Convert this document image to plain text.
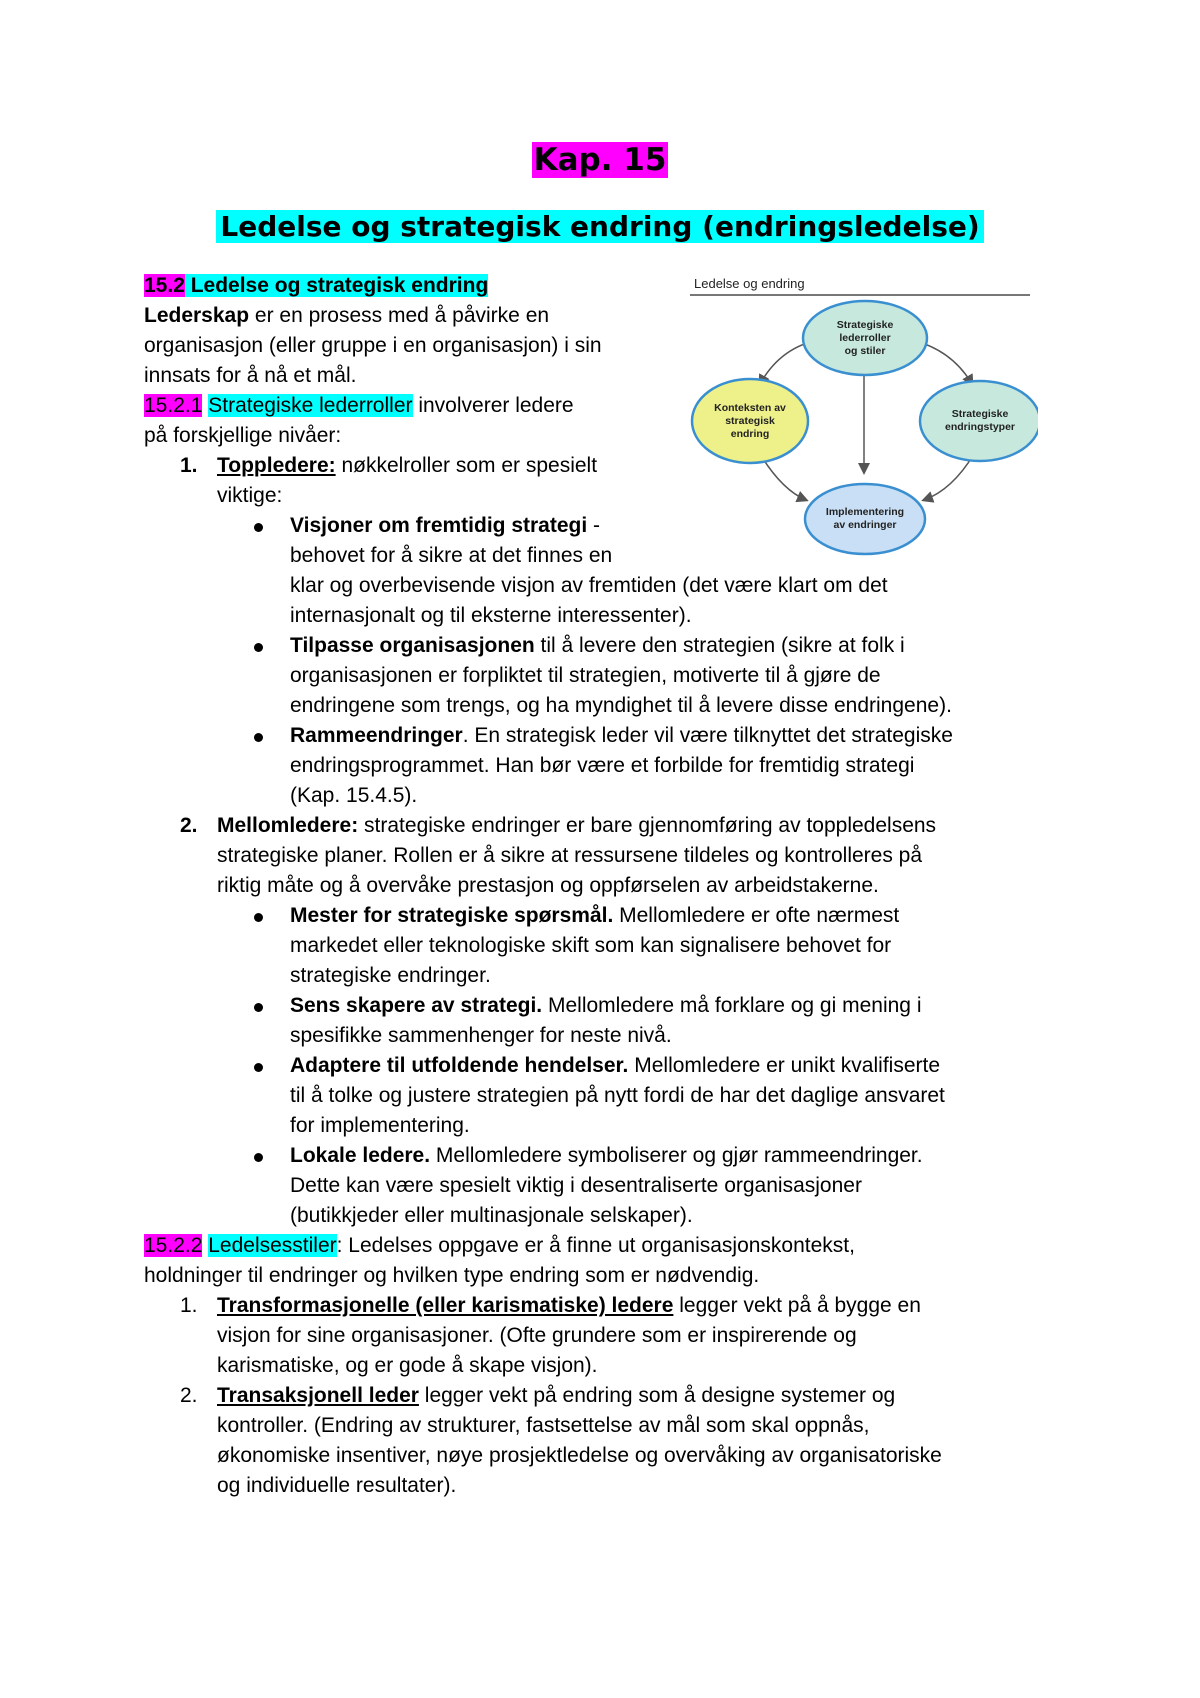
Kap. 15
Ledelse og strategisk endring (endringsledelse)
Ledelse og endring
Strategiske
lederroller
og stiler
Konteksten av
strategisk
endring
Strategiske
endringstyper
Implementering
av endringer

15.2 Ledelse og strategisk endring

Lederskap er en prosess med å påvirke en

organisasjon (eller gruppe i en organisasjon) i sin

innsats for å nå et mål.

15.2.1 Strategiske lederroller involverer ledere

på forskjellige nivåer:

1. Toppledere: nøkkelroller som er spesielt
viktige:
Visjoner om fremtidig strategi -
behovet for å sikre at det finnes en
klar og overbevisende visjon av fremtiden (det være klart om det
internasjonalt og til eksterne interessenter).
Tilpasse organisasjonen til å levere den strategien (sikre at folk i
organisasjonen er forpliktet til strategien, motiverte til å gjøre de
endringene som trengs, og ha myndighet til å levere disse endringene).
Rammeendringer. En strategisk leder vil være tilknyttet det strategiske
endringsprogrammet. Han bør være et forbilde for fremtidig strategi
(Kap. 15.4.5).
2. Mellomledere: strategiske endringer er bare gjennomføring av toppledelsens
strategiske planer. Rollen er å sikre at ressursene tildeles og kontrolleres på
riktig måte og å overvåke prestasjon og oppførselen av arbeidstakerne.
Mester for strategiske spørsmål. Mellomledere er ofte nærmest
markedet eller teknologiske skift som kan signalisere behovet for
strategiske endringer.
Sens skapere av strategi. Mellomledere må forklare og gi mening i
spesifikke sammenhenger for neste nivå.
Adaptere til utfoldende hendelser. Mellomledere er unikt kvalifiserte
til å tolke og justere strategien på nytt fordi de har det daglige ansvaret
for implementering.
Lokale ledere. Mellomledere symboliserer og gjør rammeendringer.
Dette kan være spesielt viktig i desentraliserte organisasjoner
(butikkjeder eller multinasjonale selskaper).

15.2.2 Ledelsesstiler: Ledelses oppgave er å finne ut organisasjonskontekst,

holdninger til endringer og hvilken type endring som er nødvendig.

1. Transformasjonelle (eller karismatiske) ledere legger vekt på å bygge en
visjon for sine organisasjoner. (Ofte grundere som er inspirerende og
karismatiske, og er gode å skape visjon).
2. Transaksjonell leder legger vekt på endring som å designe systemer og
kontroller. (Endring av strukturer, fastsettelse av mål som skal oppnås,
økonomiske insentiver, nøye prosjektledelse og overvåking av organisatoriske
og individuelle resultater).
